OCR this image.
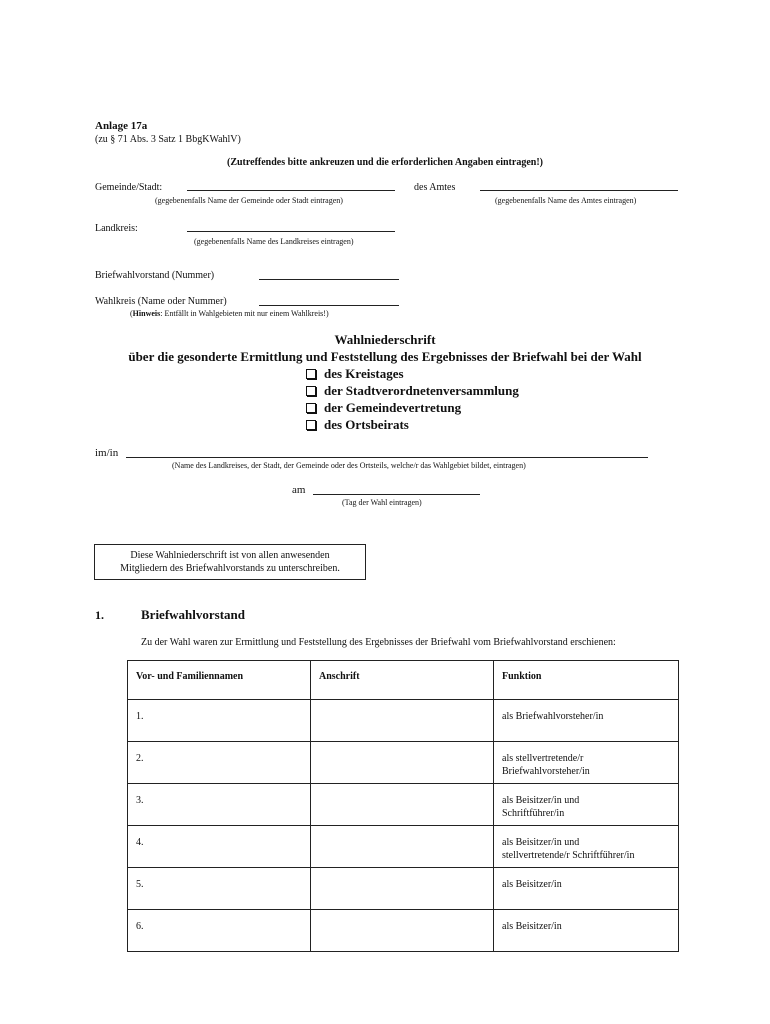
Anlage 17a
(zu § 71 Abs. 3 Satz 1 BbgKWahlV)
(Zutreffendes bitte ankreuzen und die erforderlichen Angaben eintragen!)
Gemeinde/Stadt:
(gegebenenfalls Name der Gemeinde oder Stadt eintragen)
des Amtes
(gegebenenfalls Name des Amtes eintragen)
Landkreis:
(gegebenenfalls Name des Landkreises eintragen)
Briefwahlvorstand (Nummer)
Wahlkreis (Name oder Nummer)
(Hinweis: Entfällt in Wahlgebieten mit nur einem Wahlkreis!)
Wahlniederschrift
über die gesonderte Ermittlung und Feststellung des Ergebnisses der Briefwahl bei der Wahl
des Kreistages
der Stadtverordnetenversammlung
der Gemeindevertretung
des Ortsbeirats
im/in
(Name des Landkreises, der Stadt, der Gemeinde oder des Ortsteils, welche/r das Wahlgebiet bildet, eintragen)
am
(Tag der Wahl eintragen)
Diese Wahlniederschrift ist von allen anwesenden
Mitgliedern des Briefwahlvorstands zu unterschreiben.
1.	Briefwahlvorstand
Zu der Wahl waren zur Ermittlung und Feststellung des Ergebnisses der Briefwahl vom Briefwahlvorstand erschienen:
Vor- und Familiennamen	Anschrift	Funktion
1.		als Briefwahlvorsteher/in

2.		als stellvertretende/r
Briefwahlvorsteher/in

3.		als Beisitzer/in und
Schriftführer/in

4.		als Beisitzer/in und
stellvertretende/r Schriftführer/in

5.		als Beisitzer/in

6.		als Beisitzer/in
